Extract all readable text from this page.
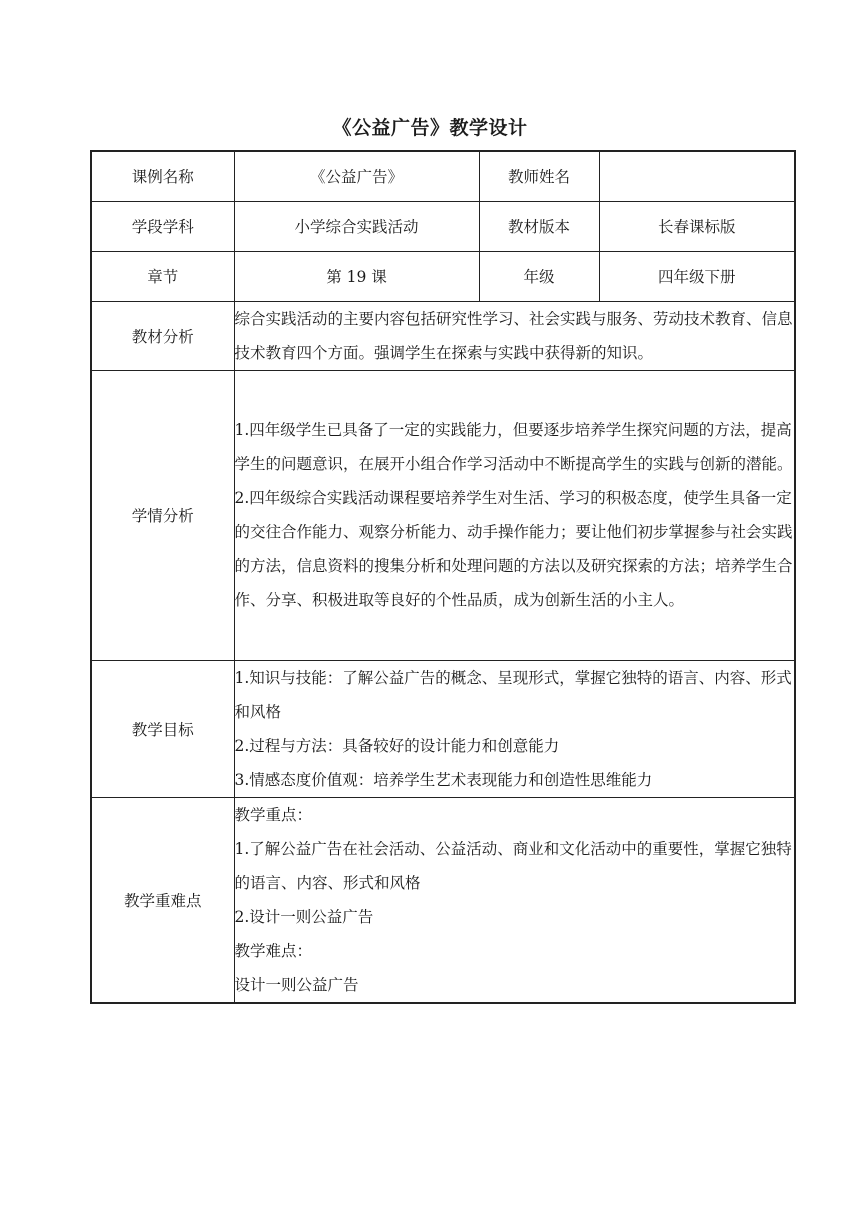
《公益广告》教学设计
课例名称	《公益广告》	教师姓名	
学段学科	小学综合实践活动	教材版本	长春课标版
章节	第 19 课	年级	四年级下册
教材分析	综合实践活动的主要内容包括研究性学习、社会实践与服务、劳动技术教育、信息技术教育四个方面。强调学生在探索与实践中获得新的知识。		

学情分析	1.四年级学生已具备了一定的实践能力，但要逐步培养学生探究问题的方法，提高学生的问题意识，在展开小组合作学习活动中不断提高学生的实践与创新的潜能。
2.四年级综合实践活动课程要培养学生对生活、学习的积极态度，使学生具备一定的交往合作能力、观察分析能力、动手操作能力；要让他们初步掌握参与社会实践的方法，信息资料的搜集分析和处理问题的方法以及研究探索的方法；培养学生合作、分享、积极进取等良好的个性品质，成为创新生活的小主人。		

教学目标	1.知识与技能：了解公益广告的概念、呈现形式，掌握它独特的语言、内容、形式和风格
2.过程与方法：具备较好的设计能力和创意能力
3.情感态度价值观：培养学生艺术表现能力和创造性思维能力		

教学重难点	教学重点：
1.了解公益广告在社会活动、公益活动、商业和文化活动中的重要性，掌握它独特的语言、内容、形式和风格
2.设计一则公益广告
教学难点：
设计一则公益广告		
